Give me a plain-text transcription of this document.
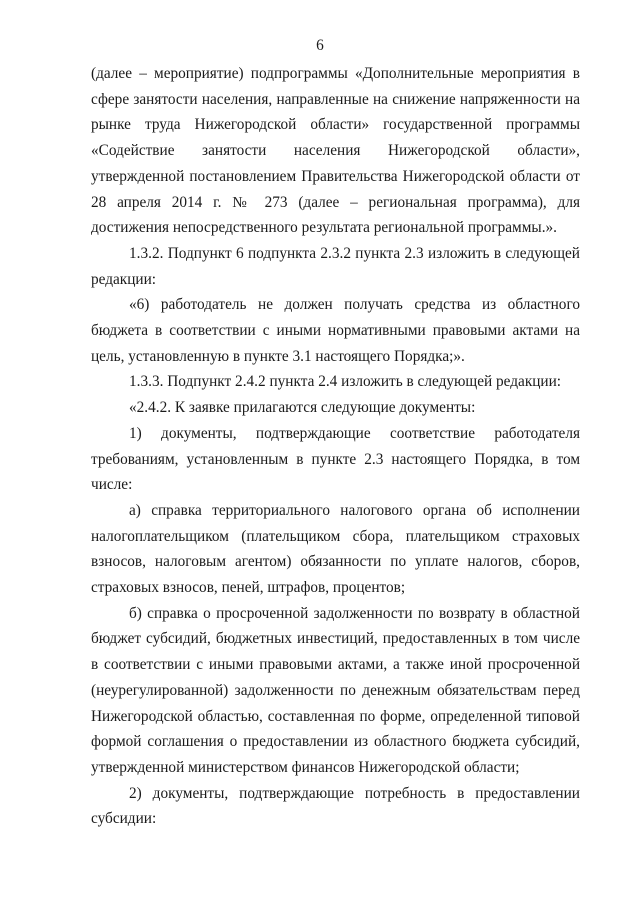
6

(далее – мероприятие) подпрограммы «Дополнительные мероприятия в сфере занятости населения, направленные на снижение напряженности на рынке труда Нижегородской области» государственной программы «Содействие занятости населения Нижегородской области», утвержденной постановлением Правительства Нижегородской области от 28 апреля 2014 г. № 273 (далее – региональная программа), для достижения непосредственного результата региональной программы.».

1.3.2. Подпункт 6 подпункта 2.3.2 пункта 2.3 изложить в следующей редакции:

«6) работодатель не должен получать средства из областного бюджета в соответствии с иными нормативными правовыми актами на цель, установленную в пункте 3.1 настоящего Порядка;».

1.3.3. Подпункт 2.4.2 пункта 2.4 изложить в следующей редакции:

«2.4.2. К заявке прилагаются следующие документы:

1) документы, подтверждающие соответствие работодателя требованиям, установленным в пункте 2.3 настоящего Порядка, в том числе:

а) справка территориального налогового органа об исполнении налогоплательщиком (плательщиком сбора, плательщиком страховых взносов, налоговым агентом) обязанности по уплате налогов, сборов, страховых взносов, пеней, штрафов, процентов;

б) справка о просроченной задолженности по возврату в областной бюджет субсидий, бюджетных инвестиций, предоставленных в том числе в соответствии с иными правовыми актами, а также иной просроченной (неурегулированной) задолженности по денежным обязательствам перед Нижегородской областью, составленная по форме, определенной типовой формой соглашения о предоставлении из областного бюджета субсидий, утвержденной министерством финансов Нижегородской области;

2) документы, подтверждающие потребность в предоставлении субсидии:
